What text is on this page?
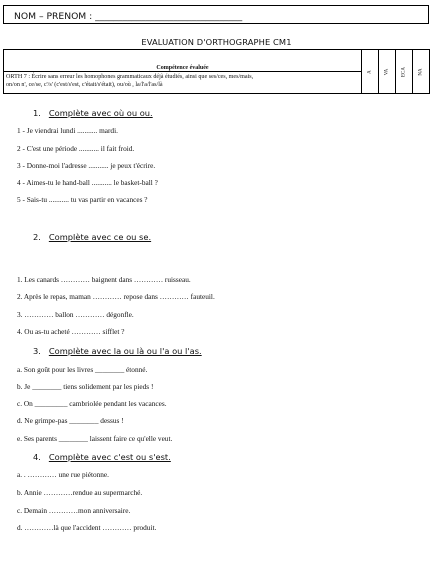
NOM – PRENOM : ________________________________
EVALUATION D'ORTHOGRAPHE CM1
Compétence évaluée	
A	VA	ECA	NA

ORTH 7 : Écrire sans erreur les homophones grammaticaux déjà étudiés, ainsi que ses/ces, mes/mais,
on/on n', ce/se, c'/s' (c'est/s'est, c'était/s'était), ou/où , la/l'a/l'as/là
1. Complète avec où ou ou.
1 - Je viendrai lundi ........... mardi.
2 - C'est une période ........... il fait froid.
3 - Donne-moi l'adresse ........... je peux t'écrire.
4 - Aimes-tu le hand-ball ........... le basket-ball ?
5 - Sais-tu ........... tu vas partir en vacances ?
2. Complète avec ce ou se.
1. Les canards ………… baignent dans ………… ruisseau.
2. Après le repas, maman ………… repose dans ………… fauteuil.
3. ………… ballon ………… dégonfle.
4. Ou as-tu acheté ………… sifflet ?
3. Complète avec la ou là ou l'a ou l'as.
a. Son goût pour les livres ________ étonné.
b. Je ________ tiens solidement par les pieds !
c. On _________ cambriolée pendant les vacances.
d. Ne grimpe-pas ________ dessus !
e. Ses parents ________ laissent faire ce qu'elle veut.
4. Complète avec c'est ou s'est.
a. . ………… une rue piétonne.
b. Annie …………rendue au supermarché.
c. Demain …………mon anniversaire.
d. …………là que l'accident ………… produit.
